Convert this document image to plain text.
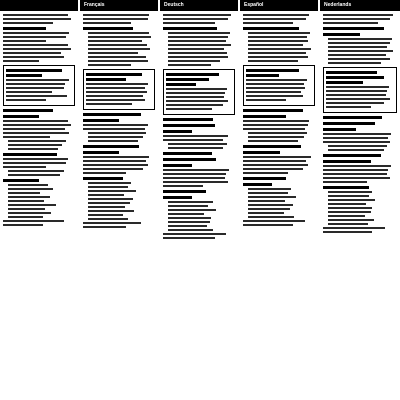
Français	Deutsch	Español	Nederlands
